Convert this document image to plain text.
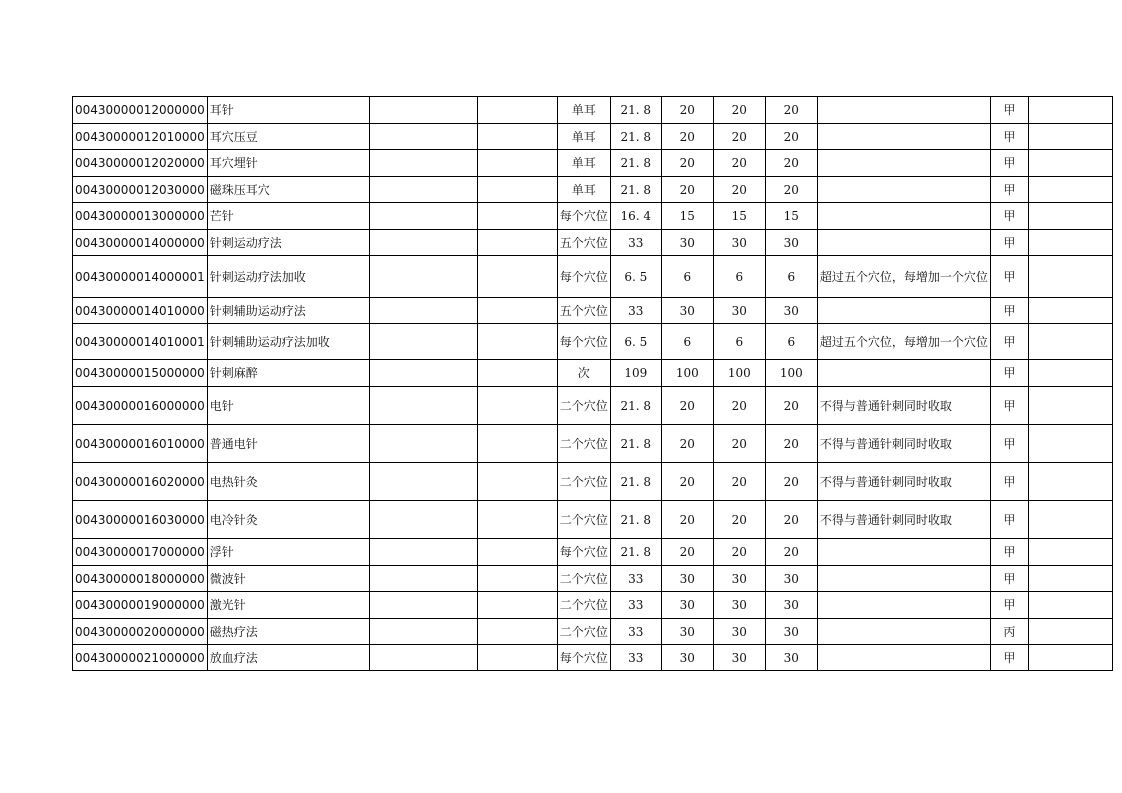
00430000012000000	耳针			单耳	21. 8	20	20	20		甲	
00430000012010000	耳穴压豆			单耳	21. 8	20	20	20		甲	
00430000012020000	耳穴埋针			单耳	21. 8	20	20	20		甲	
00430000012030000	磁珠压耳穴			单耳	21. 8	20	20	20		甲	
00430000013000000	芒针			每个穴位	16. 4	15	15	15		甲	
00430000014000000	针刺运动疗法			五个穴位	33	30	30	30		甲	
00430000014000001	针刺运动疗法加收			每个穴位	6. 5	6	6	6	超过五个穴位，每增加一个穴位	甲	
00430000014010000	针刺辅助运动疗法			五个穴位	33	30	30	30		甲	
00430000014010001	针刺辅助运动疗法加收			每个穴位	6. 5	6	6	6	超过五个穴位，每增加一个穴位	甲	
00430000015000000	针刺麻醉			次	109	100	100	100		甲	
00430000016000000	电针			二个穴位	21. 8	20	20	20	不得与普通针刺同时收取	甲	
00430000016010000	普通电针			二个穴位	21. 8	20	20	20	不得与普通针刺同时收取	甲	
00430000016020000	电热针灸			二个穴位	21. 8	20	20	20	不得与普通针刺同时收取	甲	
00430000016030000	电冷针灸			二个穴位	21. 8	20	20	20	不得与普通针刺同时收取	甲	
00430000017000000	浮针			每个穴位	21. 8	20	20	20		甲	
00430000018000000	微波针			二个穴位	33	30	30	30		甲	
00430000019000000	激光针			二个穴位	33	30	30	30		甲	
00430000020000000	磁热疗法			二个穴位	33	30	30	30		丙	
00430000021000000	放血疗法			每个穴位	33	30	30	30		甲	
